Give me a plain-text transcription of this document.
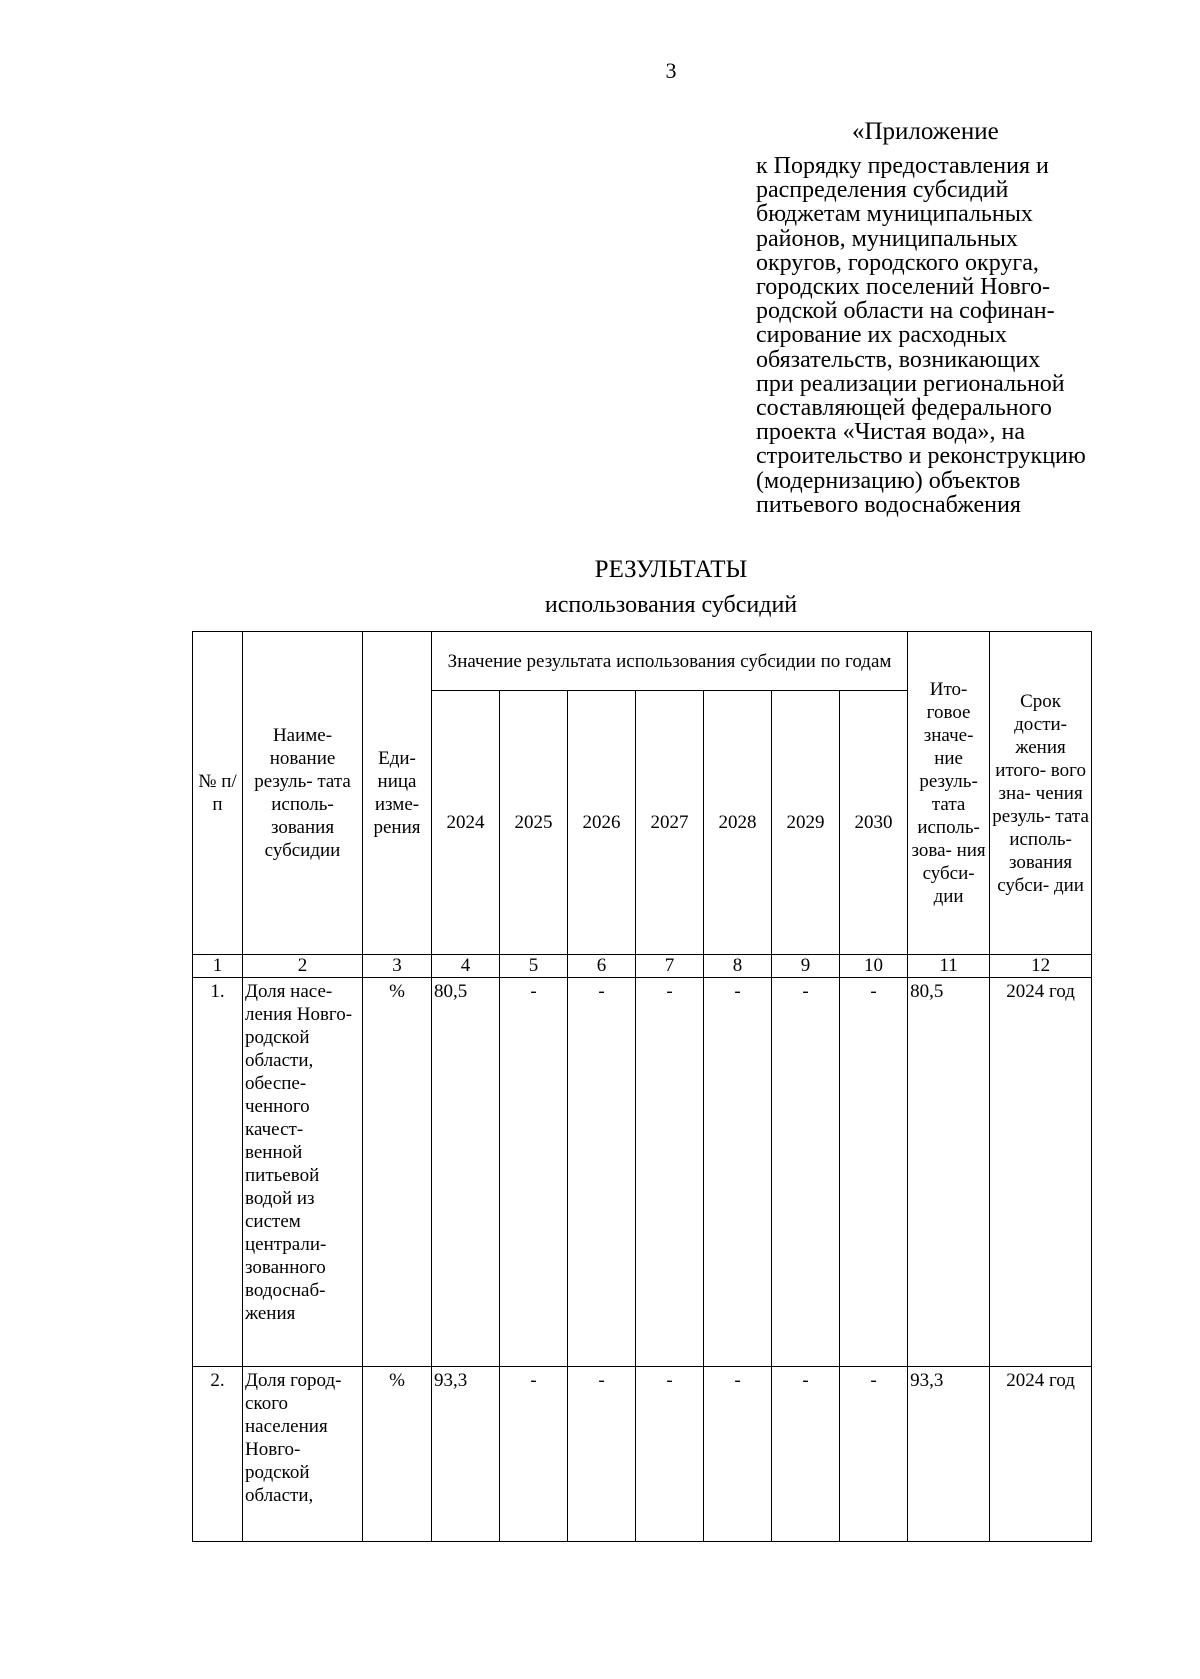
3
«Приложение
к Порядку предоставления и
распределения субсидий
бюджетам муниципальных
районов, муниципальных
округов, городского округа,
городских поселений Новго-
родской области на софинан-
сирование их расходных
обязательств, возникающих
при реализации региональной
составляющей федерального
проекта «Чистая вода», на
строительство и реконструкцию
(модернизацию) объектов
питьевого водоснабжения
РЕЗУЛЬТАТЫ
использования субсидий
№ п/п	Наиме- нование резуль- тата исполь- зования субсидии	Еди- ница изме- рения	Значение результата использования субсидии по годам							Ито- говое значе- ние резуль- тата исполь- зова- ния субси- дии	Срок дости- жения итого- вого зна- чения резуль- тата исполь- зования субси- дии
			2024	2025	2026	2027	2028	2029	2030		
1	2	3	4	5	6	7	8	9	10	11	12
1.	Доля насе- ления Новго- родской области, обеспе- ченного качест- венной питьевой водой из систем централи- зованного водоснаб- жения	%	80,5	-	-	-	-	-	-	80,5	2024 год
2.	Доля город- ского населения Новго- родской области,	%	93,3	-	-	-	-	-	-	93,3	2024 год
